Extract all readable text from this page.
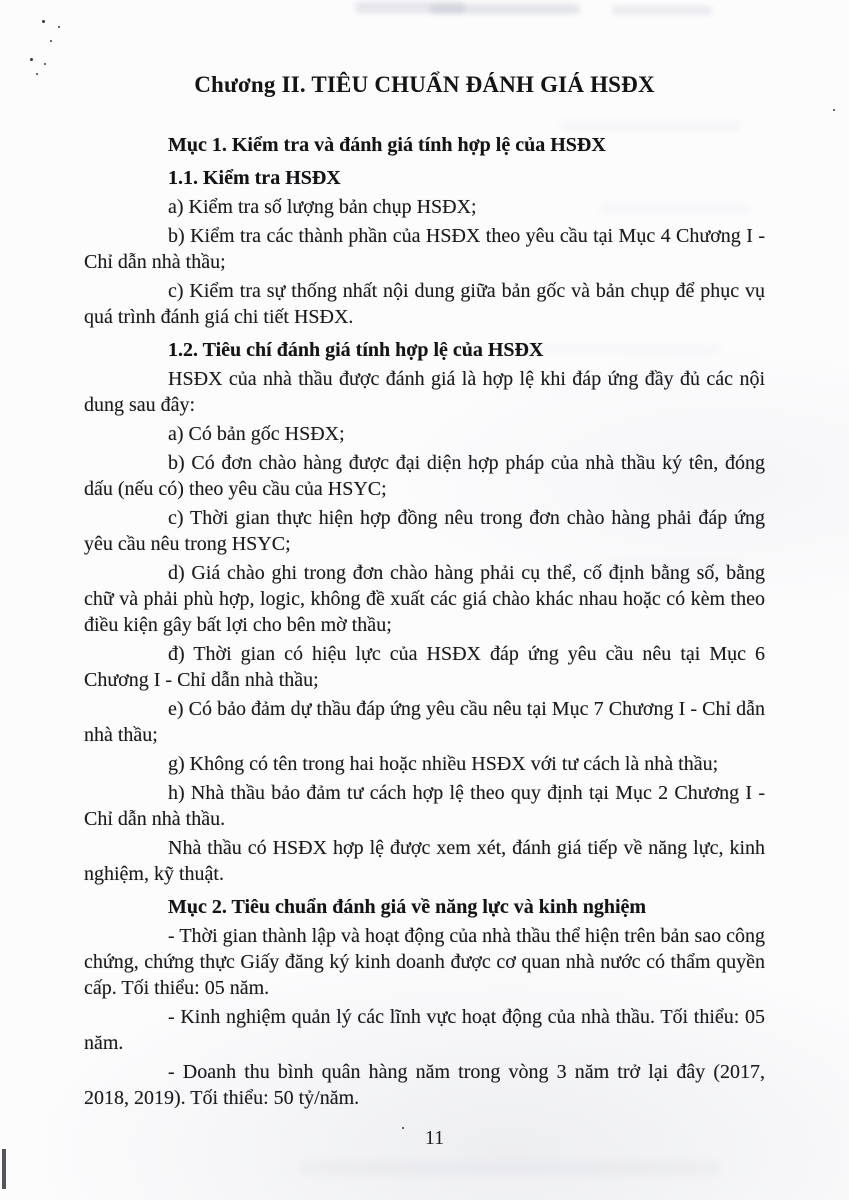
Chương II. TIÊU CHUẨN ĐÁNH GIÁ HSĐX

Mục 1. Kiểm tra và đánh giá tính hợp lệ của HSĐX

1.1. Kiểm tra HSĐX

a) Kiểm tra số lượng bản chụp HSĐX;

b) Kiểm tra các thành phần của HSĐX theo yêu cầu tại Mục 4 Chương I - Chỉ dẫn nhà thầu;

c) Kiểm tra sự thống nhất nội dung giữa bản gốc và bản chụp để phục vụ quá trình đánh giá chi tiết HSĐX.

1.2. Tiêu chí đánh giá tính hợp lệ của HSĐX

HSĐX của nhà thầu được đánh giá là hợp lệ khi đáp ứng đầy đủ các nội dung sau đây:

a) Có bản gốc HSĐX;

b) Có đơn chào hàng được đại diện hợp pháp của nhà thầu ký tên, đóng dấu (nếu có) theo yêu cầu của HSYC;

c) Thời gian thực hiện hợp đồng nêu trong đơn chào hàng phải đáp ứng yêu cầu nêu trong HSYC;

d) Giá chào ghi trong đơn chào hàng phải cụ thể, cố định bằng số, bằng chữ và phải phù hợp, logic, không đề xuất các giá chào khác nhau hoặc có kèm theo điều kiện gây bất lợi cho bên mờ thầu;

đ) Thời gian có hiệu lực của HSĐX đáp ứng yêu cầu nêu tại Mục 6 Chương I - Chỉ dẫn nhà thầu;

e) Có bảo đảm dự thầu đáp ứng yêu cầu nêu tại Mục 7 Chương I - Chỉ dẫn nhà thầu;

g) Không có tên trong hai hoặc nhiều HSĐX với tư cách là nhà thầu;

h) Nhà thầu bảo đảm tư cách hợp lệ theo quy định tại Mục 2 Chương I - Chỉ dẫn nhà thầu.

Nhà thầu có HSĐX hợp lệ được xem xét, đánh giá tiếp về năng lực, kinh nghiệm, kỹ thuật.

Mục 2. Tiêu chuẩn đánh giá về năng lực và kinh nghiệm

- Thời gian thành lập và hoạt động của nhà thầu thể hiện trên bản sao công chứng, chứng thực Giấy đăng ký kinh doanh được cơ quan nhà nước có thẩm quyền cấp. Tối thiểu: 05 năm.

- Kinh nghiệm quản lý các lĩnh vực hoạt động của nhà thầu. Tối thiểu: 05 năm.

- Doanh thu bình quân hàng năm trong vòng 3 năm trở lại đây (2017, 2018, 2019). Tối thiểu: 50 tỷ/năm.

11
